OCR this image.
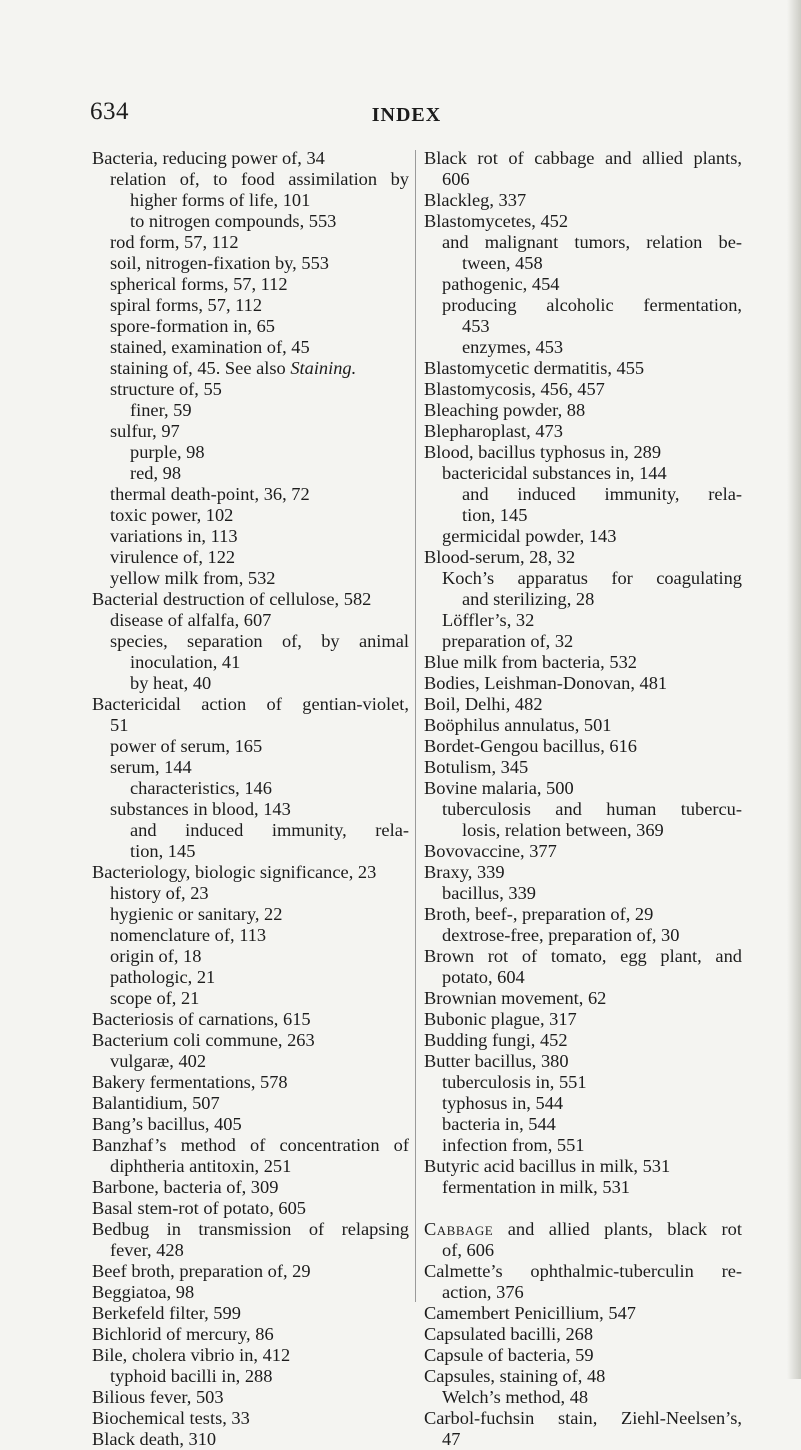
634	INDEX
Bacteria, reducing power of, 34
relation of, to food assimilation by
higher forms of life, 101
to nitrogen compounds, 553
rod form, 57, 112
soil, nitrogen-fixation by, 553
spherical forms, 57, 112
spiral forms, 57, 112
spore-formation in, 65
stained, examination of, 45
staining of, 45. See also Staining.
structure of, 55
finer, 59
sulfur, 97
purple, 98
red, 98
thermal death-point, 36, 72
toxic power, 102
variations in, 113
virulence of, 122
yellow milk from, 532
Bacterial destruction of cellulose, 582
disease of alfalfa, 607
species, separation of, by animal
inoculation, 41
by heat, 40
Bactericidal action of gentian-violet,
51
power of serum, 165
serum, 144
characteristics, 146
substances in blood, 143
and induced immunity, rela-
tion, 145
Bacteriology, biologic significance, 23
history of, 23
hygienic or sanitary, 22
nomenclature of, 113
origin of, 18
pathologic, 21
scope of, 21
Bacteriosis of carnations, 615
Bacterium coli commune, 263
vulgaræ, 402
Bakery fermentations, 578
Balantidium, 507
Bang’s bacillus, 405
Banzhaf’s method of concentration of
diphtheria antitoxin, 251
Barbone, bacteria of, 309
Basal stem-rot of potato, 605
Bedbug in transmission of relapsing
fever, 428
Beef broth, preparation of, 29
Beggiatoa, 98
Berkefeld filter, 599
Bichlorid of mercury, 86
Bile, cholera vibrio in, 412
typhoid bacilli in, 288
Bilious fever, 503
Biochemical tests, 33
Black death, 310
Black rot of cabbage and allied plants,
606
Blackleg, 337
Blastomycetes, 452
and malignant tumors, relation be-
tween, 458
pathogenic, 454
producing alcoholic fermentation,
453
enzymes, 453
Blastomycetic dermatitis, 455
Blastomycosis, 456, 457
Bleaching powder, 88
Blepharoplast, 473
Blood, bacillus typhosus in, 289
bactericidal substances in, 144
and induced immunity, rela-
tion, 145
germicidal powder, 143
Blood-serum, 28, 32
Koch’s apparatus for coagulating
and sterilizing, 28
Löffler’s, 32
preparation of, 32
Blue milk from bacteria, 532
Bodies, Leishman-Donovan, 481
Boil, Delhi, 482
Boöphilus annulatus, 501
Bordet-Gengou bacillus, 616
Botulism, 345
Bovine malaria, 500
tuberculosis and human tubercu-
losis, relation between, 369
Bovovaccine, 377
Braxy, 339
bacillus, 339
Broth, beef-, preparation of, 29
dextrose-free, preparation of, 30
Brown rot of tomato, egg plant, and
potato, 604
Brownian movement, 62
Bubonic plague, 317
Budding fungi, 452
Butter bacillus, 380
tuberculosis in, 551
typhosus in, 544
bacteria in, 544
infection from, 551
Butyric acid bacillus in milk, 531
fermentation in milk, 531
Cabbage and allied plants, black rot
of, 606
Calmette’s ophthalmic-tuberculin re-
action, 376
Camembert Penicillium, 547
Capsulated bacilli, 268
Capsule of bacteria, 59
Capsules, staining of, 48
Welch’s method, 48
Carbol-fuchsin stain, Ziehl-Neelsen’s,
47
